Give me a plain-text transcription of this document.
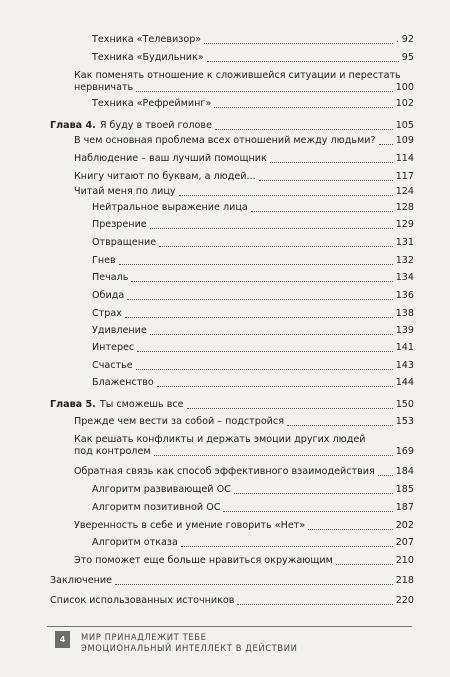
Техника «Телевизор»	. 92
Техника «Будильник»	95
Как поменять отношение к сложившейся ситуации и перестать
нервничать	100
Техника «Рефрейминг»	102
Глава 4. Я буду в твоей голове	105
В чем основная проблема всех отношений между людьми? 109
Наблюдение – ваш лучший помощник	114
Книгу читают по буквам, а людей...	117
Читай меня по лицу	124
Нейтральное выражение лица	128
Презрение	129
Отвращение	131
Гнев	132
Печаль	134
Обида	136
Страх	138
Удивление	139
Интерес	141
Счастье	143
Блаженство	144
Глава 5. Ты сможешь все	150
Прежде чем вести за собой – подстройся	153
Как решать конфликты и держать эмоции других людей
под контролем	169
Обратная связь как способ эффективного взаимодействия 184
Алгоритм развивающей ОС	185
Алгоритм позитивной ОС	187
Уверенность в себе и умение говорить «Нет»	202
Алгоритм отказа	207
Это поможет еще больше нравиться окружающим	210
Заключение	218
Список использованных источников	220
4	МИР ПРИНАДЛЕЖИТ ТЕБЕ
ЭМОЦИОНАЛЬНЫЙ ИНТЕЛЛЕКТ В ДЕЙСТВИИ
